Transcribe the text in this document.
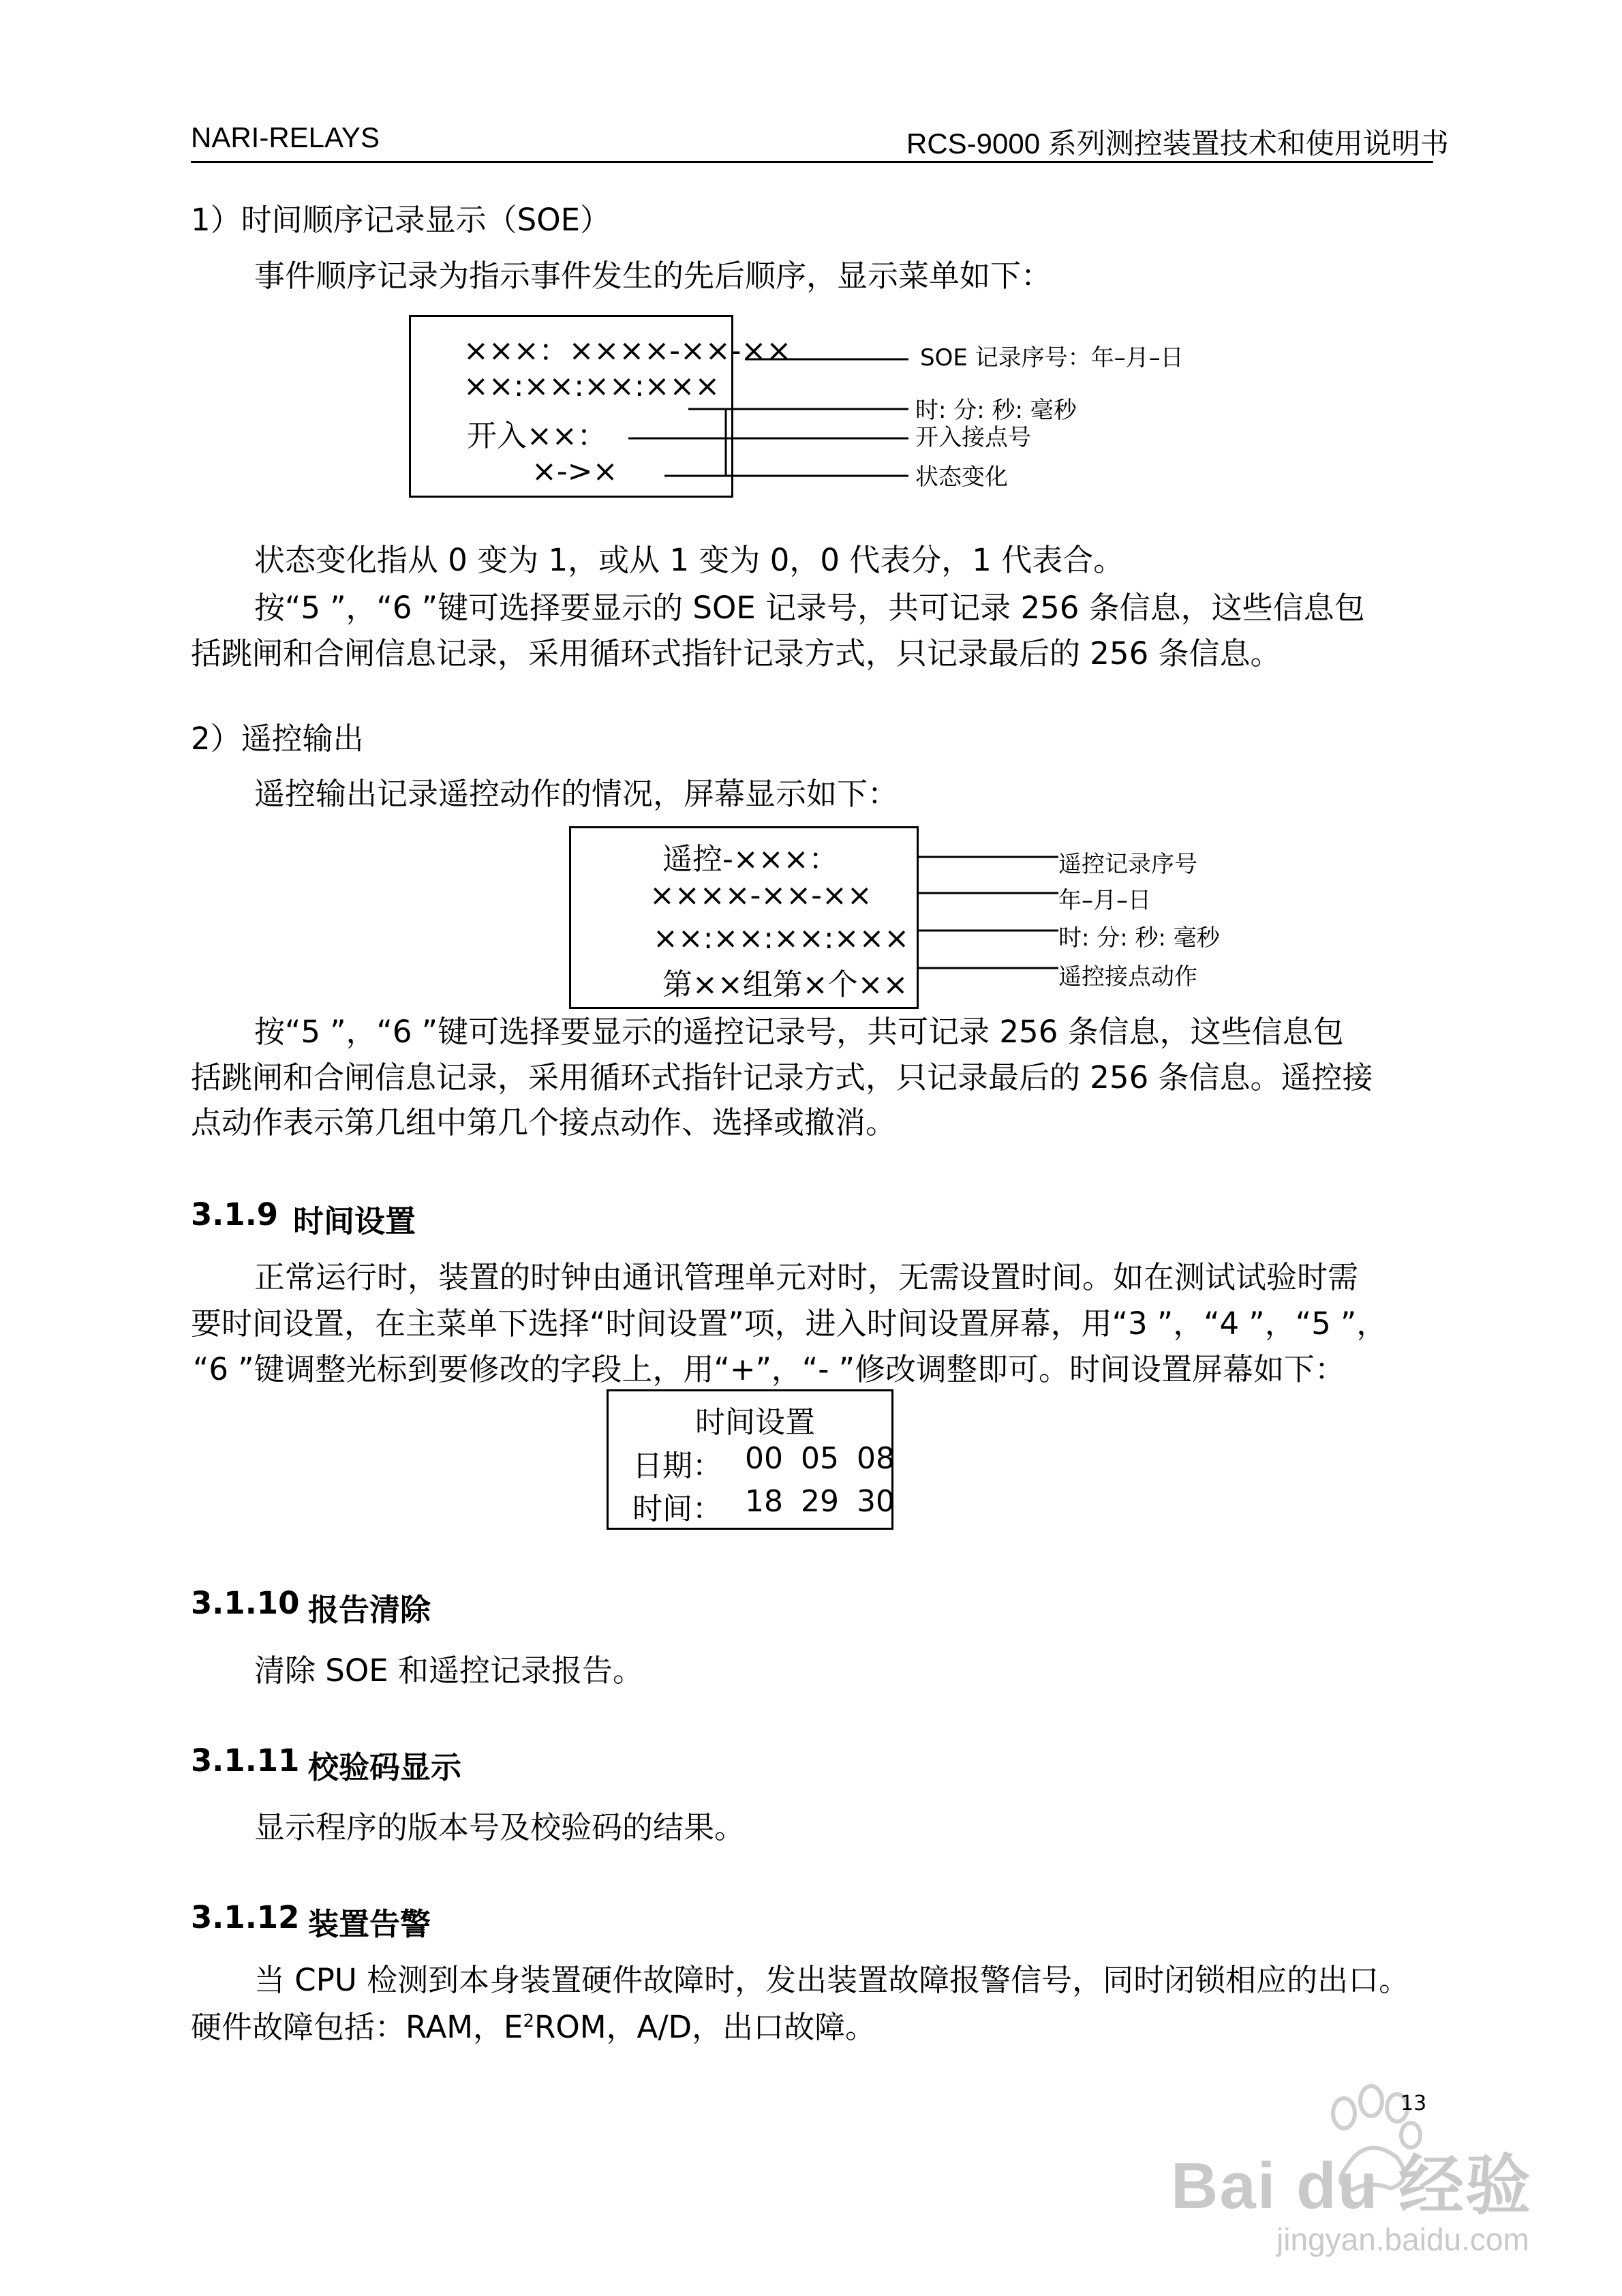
NARI-RELAYS	RCS-9000 系列测控装置技术和使用说明书
1）时间顺序记录显示（SOE）
事件顺序记录为指示事件发生的先后顺序，显示菜单如下：
×××：××××-××-××
××:××:××:×××
开入××：
×->×
SOE 记录序号：年–月–日
时: 分: 秒: 毫秒
开入接点号
状态变化
状态变化指从 0 变为 1，或从 1 变为 0，0 代表分，1 代表合。
按“5 ”，“6 ”键可选择要显示的 SOE 记录号，共可记录 256 条信息，这些信息包
括跳闸和合闸信息记录，采用循环式指针记录方式，只记录最后的 256 条信息。
2）遥控输出
遥控输出记录遥控动作的情况，屏幕显示如下：
遥控-×××：
××××-××-××
××:××:××:×××
第××组第×个××
遥控记录序号
年–月–日
时: 分: 秒: 毫秒
遥控接点动作
按“5 ”，“6 ”键可选择要显示的遥控记录号，共可记录 256 条信息，这些信息包
括跳闸和合闸信息记录，采用循环式指针记录方式，只记录最后的 256 条信息。遥控接
点动作表示第几组中第几个接点动作、选择或撤消。
3.1.9 时间设置
正常运行时，装置的时钟由通讯管理单元对时，无需设置时间。如在测试试验时需
要时间设置，在主菜单下选择“时间设置”项，进入时间设置屏幕，用“3 ”，“4 ”，“5 ”，
“6 ”键调整光标到要修改的字段上，用“+”，“- ”修改调整即可。时间设置屏幕如下：
时间设置
日期： 00 05 08
时间： 18 29 30
3.1.10 报告清除
清除 SOE 和遥控记录报告。
3.1.11 校验码显示
显示程序的版本号及校验码的结果。
3.1.12 装置告警
当 CPU 检测到本身装置硬件故障时，发出装置故障报警信号，同时闭锁相应的出口。
硬件故障包括：RAM，$E^2ROM$，A/D，出口故障。
Bai du 经验
jingyan.baidu.com
13
